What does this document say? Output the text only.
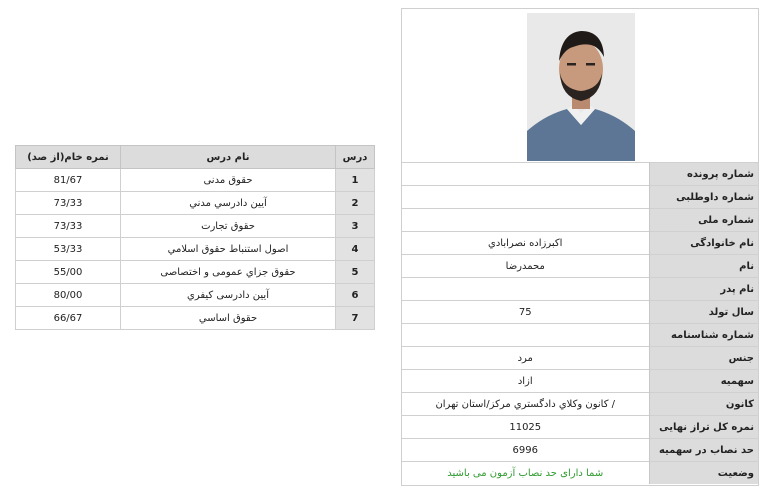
درس	نام درس	نمره خام(از صد)
1	حقوق مدنی	81/67
2	آيين دادرسي مدني	73/33
3	حقوق تجارت	73/33
4	اصول استنباط حقوق اسلامي	53/33
5	حقوق جزاي عمومی و اختصاصی	55/00
6	آيين دادرسی کيفري	80/00
7	حقوق اساسي	66/67
شماره پرونده	
شماره داوطلبی	
شماره ملی	
نام خانوادگی	اکبرزاده نصرابادي
نام	محمدرضا
نام پدر	
سال تولد	75
شماره شناسنامه	
جنس	مرد
سهمیه	ازاد
کانون	/ کانون وکلاي دادگستري مرکز/استان تهران
نمره کل تراز نهایی	11025
حد نصاب در سهمیه	6996
وضعیت	شما دارای حد نصاب آزمون می باشید
